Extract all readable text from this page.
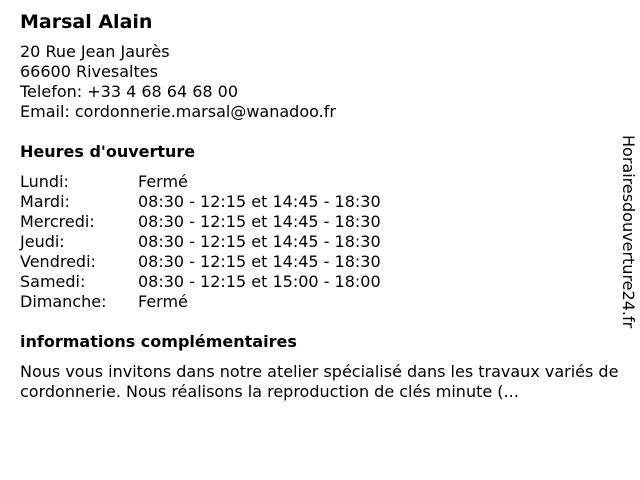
Marsal Alain
20 Rue Jean Jaurès
66600 Rivesaltes
Telefon: +33 4 68 64 68 00
Email: cordonnerie.marsal@wanadoo.fr
Heures d'ouverture
Lundi:	Fermé
Mardi:	08:30 - 12:15 et 14:45 - 18:30
Mercredi:	08:30 - 12:15 et 14:45 - 18:30
Jeudi:	08:30 - 12:15 et 14:45 - 18:30
Vendredi:	08:30 - 12:15 et 14:45 - 18:30
Samedi:	08:30 - 12:15 et 15:00 - 18:00
Dimanche:	Fermé
informations complémentaires
Nous vous invitons dans notre atelier spécialisé dans les travaux variés de cordonnerie. Nous réalisons la reproduction de clés minute (...
Horairesdouverture24.fr
